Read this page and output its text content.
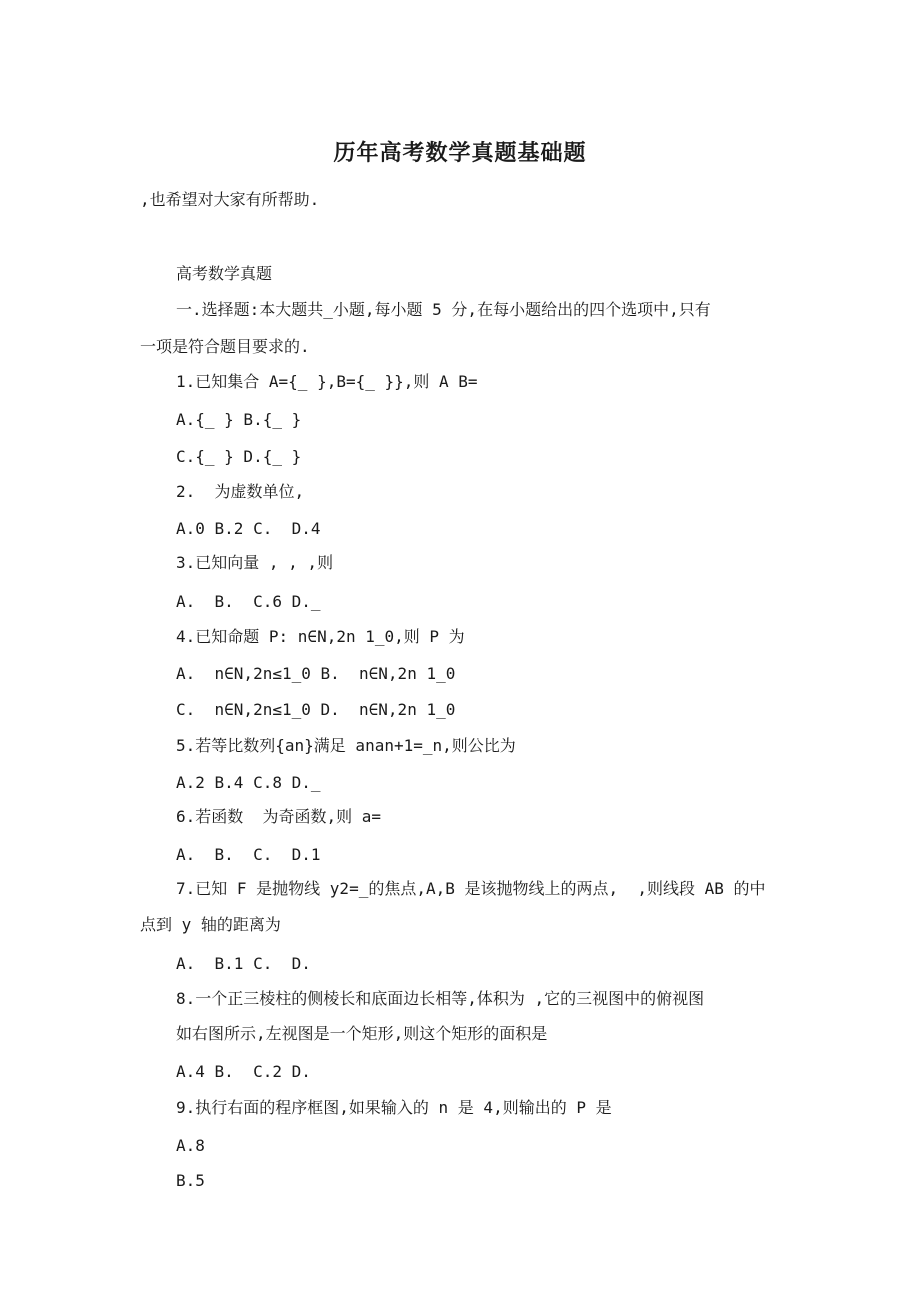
历年高考数学真题基础题
,也希望对大家有所帮助.
高考数学真题
一.选择题:本大题共_小题,每小题 5 分,在每小题给出的四个选项中,只有
一项是符合题目要求的.
1.已知集合 A={_ },B={_ }},则 A B=
A.{_ } B.{_ }
C.{_ } D.{_ }
2.  为虚数单位,
A.0 B.2 C.  D.4
3.已知向量 , , ,则
A.  B.  C.6 D._
4.已知命题 P: n∈N,2n 1_0,则 P 为
A.  n∈N,2n≤1_0 B.  n∈N,2n 1_0
C.  n∈N,2n≤1_0 D.  n∈N,2n 1_0
5.若等比数列{an}满足 anan+1=_n,则公比为
A.2 B.4 C.8 D._
6.若函数  为奇函数,则 a=
A.  B.  C.  D.1
7.已知 F 是抛物线 y2=_的焦点,A,B 是该抛物线上的两点,  ,则线段 AB 的中
点到 y 轴的距离为
A.  B.1 C.  D.
8.一个正三棱柱的侧棱长和底面边长相等,体积为 ,它的三视图中的俯视图
如右图所示,左视图是一个矩形,则这个矩形的面积是
A.4 B.  C.2 D.
9.执行右面的程序框图,如果输入的 n 是 4,则输出的 P 是
A.8
B.5
